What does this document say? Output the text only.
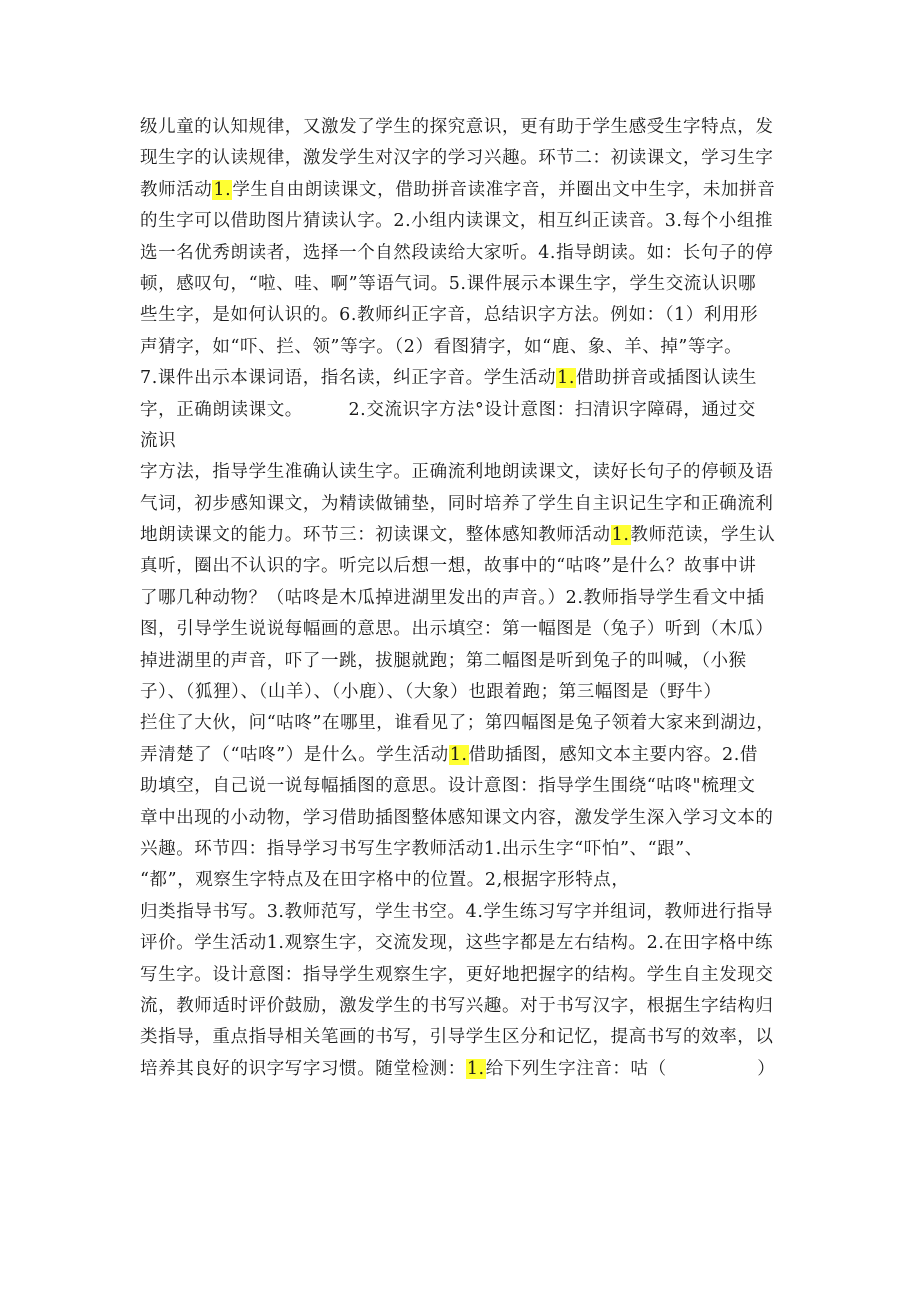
级儿童的认知规律，又激发了学生的探究意识，更有助于学生感受生字特点，发
现生字的认读规律，激发学生对汉字的学习兴趣。环节二：初读课文，学习生字
教师活动1.学生自由朗读课文，借助拼音读准字音，并圈出文中生字，未加拼音
的生字可以借助图片猜读认字。2.小组内读课文，相互纠正读音。3.每个小组推
选一名优秀朗读者，选择一个自然段读给大家听。4.指导朗读。如：长句子的停
顿，感叹句，“啦、哇、啊”等语气词。5.课件展示本课生字，学生交流认识哪
些生字，是如何认识的。6.教师纠正字音，总结识字方法。例如：（1）利用形
声猜字，如“吓、拦、领”等字。（2）看图猜字，如“鹿、象、羊、掉”等字。
7.课件出示本课词语，指名读，纠正字音。学生活动1.借助拼音或插图认读生
字，正确朗读课文。　　　2.交流识字方法°设计意图：扫清识字障碍，通过交
流识
字方法，指导学生准确认读生字。正确流利地朗读课文，读好长句子的停顿及语
气词，初步感知课文，为精读做铺垫，同时培养了学生自主识记生字和正确流利
地朗读课文的能力。环节三：初读课文，整体感知教师活动1.教师范读，学生认
真听，圈出不认识的字。听完以后想一想，故事中的“咕咚”是什么？故事中讲
了哪几种动物？（咕咚是木瓜掉进湖里发出的声音。）2.教师指导学生看文中插
图，引导学生说说每幅画的意思。出示填空：第一幅图是（兔子）听到（木瓜）
掉进湖里的声音，吓了一跳，拔腿就跑；第二幅图是听到兔子的叫喊，（小猴
子）、（狐狸）、（山羊）、（小鹿）、（大象）也跟着跑；第三幅图是（野牛）
拦住了大伙，问“咕咚”在哪里，谁看见了；第四幅图是兔子领着大家来到湖边，
弄清楚了（“咕咚”）是什么。学生活动1.借助插图，感知文本主要内容。2.借
助填空，自己说一说每幅插图的意思。设计意图：指导学生围绕“咕咚"梳理文
章中出现的小动物，学习借助插图整体感知课文内容，激发学生深入学习文本的
兴趣。环节四：指导学习书写生字教师活动1.出示生字“吓怕”、“跟”、
“都”，观察生字特点及在田字格中的位置。2,根据字形特点，
归类指导书写。3.教师范写，学生书空。4.学生练习写字并组词，教师进行指导
评价。学生活动1.观察生字，交流发现，这些字都是左右结构。2.在田字格中练
写生字。设计意图：指导学生观察生字，更好地把握字的结构。学生自主发现交
流，教师适时评价鼓励，激发学生的书写兴趣。对于书写汉字，根据生字结构归
类指导，重点指导相关笔画的书写，引导学生区分和记忆，提高书写的效率，以
培养其良好的识字写字习惯。随堂检测：1.给下列生字注音：咕（　　　　　）
